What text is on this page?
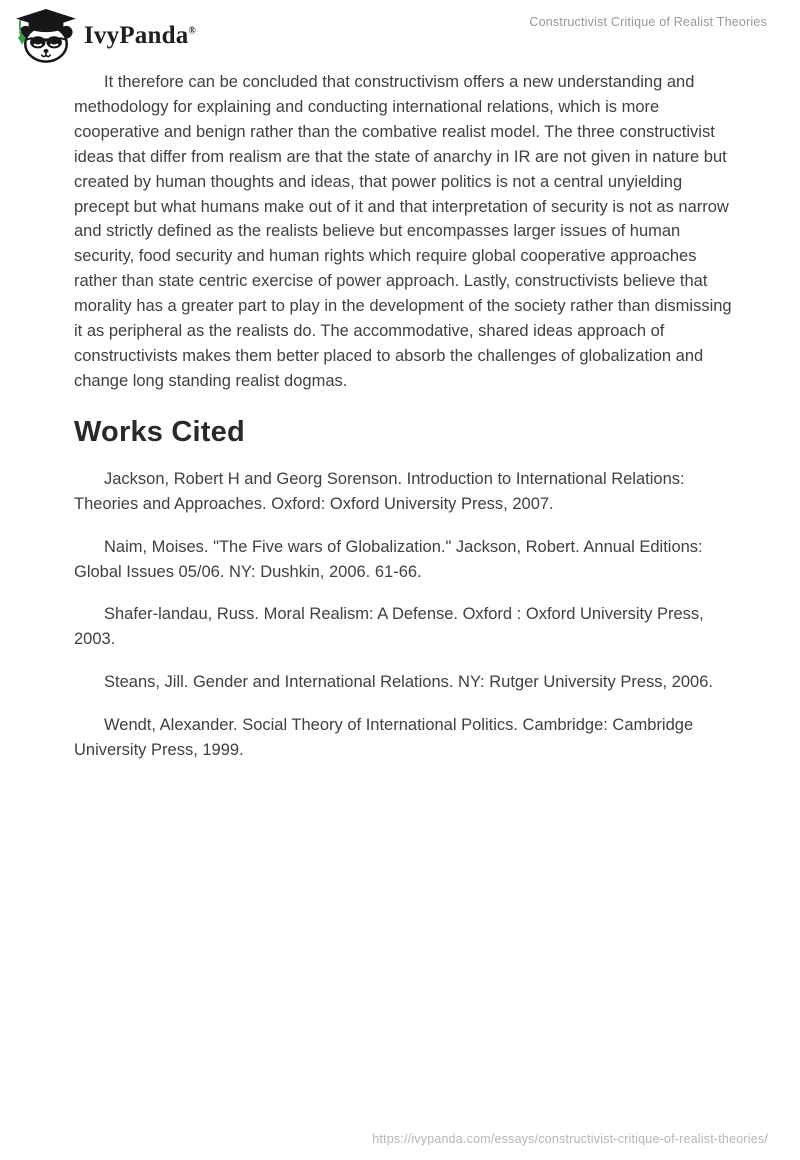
IvyPanda®
Constructivist Critique of Realist Theories

It therefore can be concluded that constructivism offers a new understanding and methodology for explaining and conducting international relations, which is more cooperative and benign rather than the combative realist model. The three constructivist ideas that differ from realism are that the state of anarchy in IR are not given in nature but created by human thoughts and ideas, that power politics is not a central unyielding precept but what humans make out of it and that interpretation of security is not as narrow and strictly defined as the realists believe but encompasses larger issues of human security, food security and human rights which require global cooperative approaches rather than state centric exercise of power approach. Lastly, constructivists believe that morality has a greater part to play in the development of the society rather than dismissing it as peripheral as the realists do. The accommodative, shared ideas approach of constructivists makes them better placed to absorb the challenges of globalization and change long standing realist dogmas.

Works Cited

Jackson, Robert H and Georg Sorenson. Introduction to International Relations: Theories and Approaches. Oxford: Oxford University Press, 2007.

Naim, Moises. "The Five wars of Globalization." Jackson, Robert. Annual Editions: Global Issues 05/06. NY: Dushkin, 2006. 61-66.

Shafer-landau, Russ. Moral Realism: A Defense. Oxford : Oxford University Press, 2003.

Steans, Jill. Gender and International Relations. NY: Rutger University Press, 2006.

Wendt, Alexander. Social Theory of International Politics. Cambridge: Cambridge University Press, 1999.

https://ivypanda.com/essays/constructivist-critique-of-realist-theories/
